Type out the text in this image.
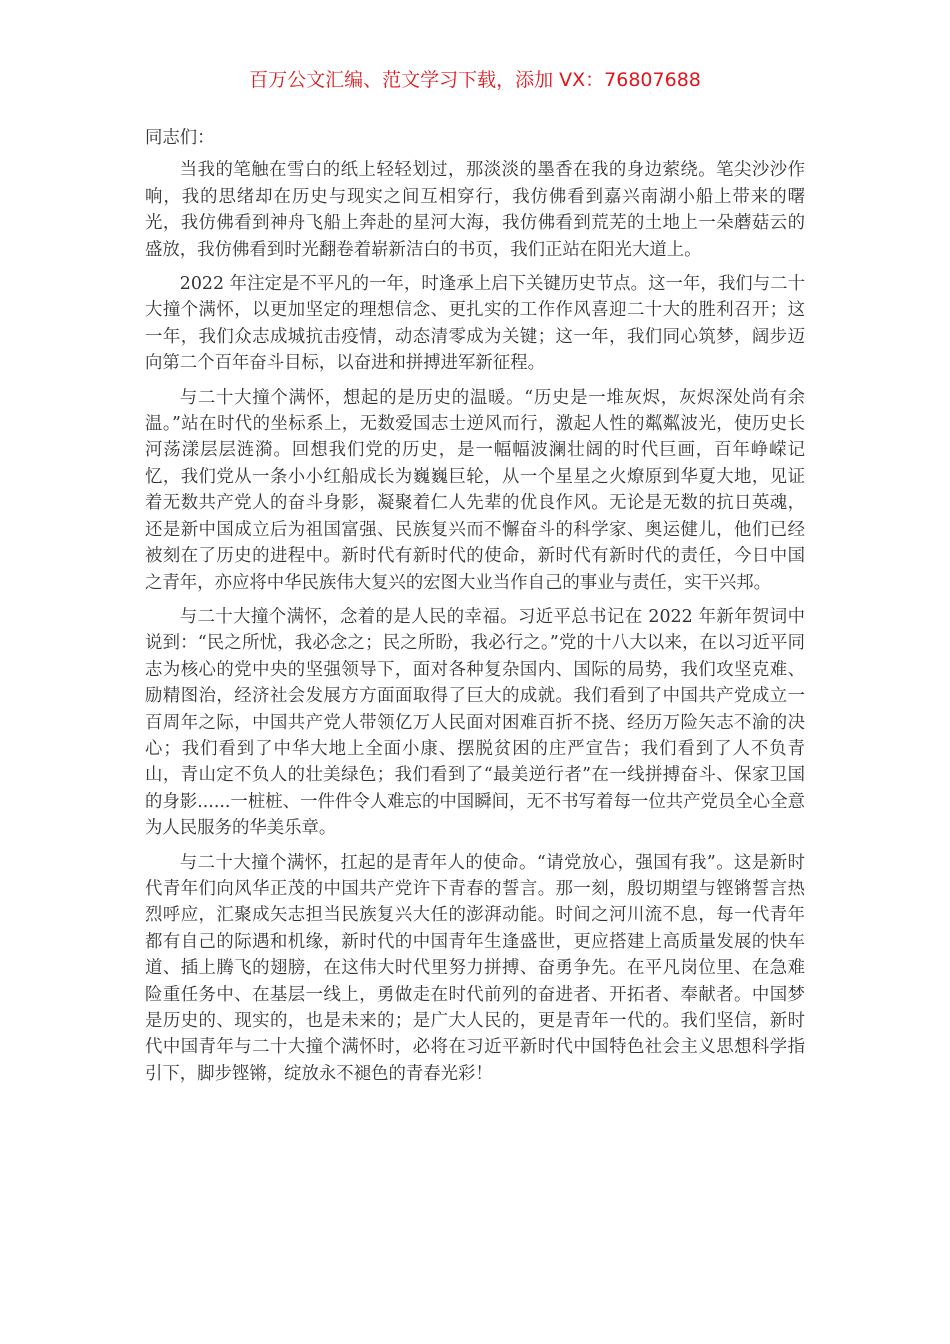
百万公文汇编、范文学习下载，添加 VX：76807688

同志们：

当我的笔触在雪白的纸上轻轻划过，那淡淡的墨香在我的身边萦绕。笔尖沙沙作响，我的思绪却在历史与现实之间互相穿行，我仿佛看到嘉兴南湖小船上带来的曙光，我仿佛看到神舟飞船上奔赴的星河大海，我仿佛看到荒芜的土地上一朵蘑菇云的盛放，我仿佛看到时光翻卷着崭新洁白的书页，我们正站在阳光大道上。

2022 年注定是不平凡的一年，时逢承上启下关键历史节点。这一年，我们与二十大撞个满怀，以更加坚定的理想信念、更扎实的工作作风喜迎二十大的胜利召开；这一年，我们众志成城抗击疫情，动态清零成为关键；这一年，我们同心筑梦，阔步迈向第二个百年奋斗目标，以奋进和拼搏进军新征程。

与二十大撞个满怀，想起的是历史的温暖。“历史是一堆灰烬，灰烬深处尚有余温。”站在时代的坐标系上，无数爱国志士逆风而行，激起人性的粼粼波光，使历史长河荡漾层层涟漪。回想我们党的历史，是一幅幅波澜壮阔的时代巨画，百年峥嵘记忆，我们党从一条小小红船成长为巍巍巨轮，从一个星星之火燎原到华夏大地，见证着无数共产党人的奋斗身影，凝聚着仁人先辈的优良作风。无论是无数的抗日英魂，还是新中国成立后为祖国富强、民族复兴而不懈奋斗的科学家、奥运健儿，他们已经被刻在了历史的进程中。新时代有新时代的使命，新时代有新时代的责任，今日中国之青年，亦应将中华民族伟大复兴的宏图大业当作自己的事业与责任，实干兴邦。

与二十大撞个满怀，念着的是人民的幸福。习近平总书记在 2022 年新年贺词中说到：“民之所忧，我必念之；民之所盼，我必行之。”党的十八大以来，在以习近平同志为核心的党中央的坚强领导下，面对各种复杂国内、国际的局势，我们攻坚克难、励精图治，经济社会发展方方面面取得了巨大的成就。我们看到了中国共产党成立一百周年之际，中国共产党人带领亿万人民面对困难百折不挠、经历万险矢志不渝的决心；我们看到了中华大地上全面小康、摆脱贫困的庄严宣告；我们看到了人不负青山，青山定不负人的壮美绿色；我们看到了“最美逆行者”在一线拼搏奋斗、保家卫国的身影......一桩桩、一件件令人难忘的中国瞬间，无不书写着每一位共产党员全心全意为人民服务的华美乐章。

与二十大撞个满怀，扛起的是青年人的使命。“请党放心，强国有我”。这是新时代青年们向风华正茂的中国共产党许下青春的誓言。那一刻，殷切期望与铿锵誓言热烈呼应，汇聚成矢志担当民族复兴大任的澎湃动能。时间之河川流不息，每一代青年都有自己的际遇和机缘，新时代的中国青年生逢盛世，更应搭建上高质量发展的快车道、插上腾飞的翅膀，在这伟大时代里努力拼搏、奋勇争先。在平凡岗位里、在急难险重任务中、在基层一线上，勇做走在时代前列的奋进者、开拓者、奉献者。中国梦是历史的、现实的，也是未来的；是广大人民的，更是青年一代的。我们坚信，新时代中国青年与二十大撞个满怀时，必将在习近平新时代中国特色社会主义思想科学指引下，脚步铿锵，绽放永不褪色的青春光彩！
